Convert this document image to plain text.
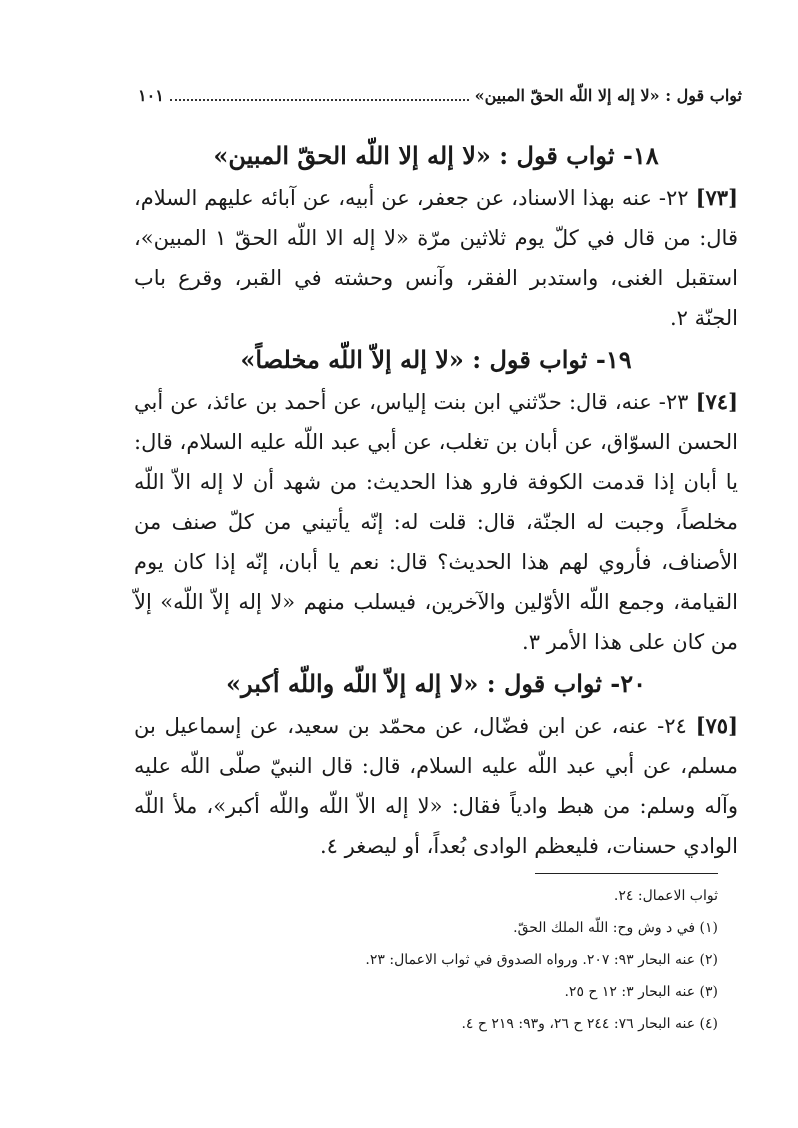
ثواب قول : «لا إله إلا اللّه الحقّ المبين»
١٠١
١٨- ثواب قول : «لا إله إلا اللّه الحقّ المبين»

[٧٣] ٢٢- عنه بهذا الاسناد، عن جعفر، عن أبيه، عن آبائه عليهم السلام، قال: من قال في كلّ يوم ثلاثين مرّة «لا إله الا اللّه الحقّ ١ المبين»، استقبل الغنى، واستدبر الفقر، وآنس وحشته في القبر، وقرع باب الجنّة ٢.

١٩- ثواب قول : «لا إله إلاّ اللّه مخلصاً»

[٧٤] ٢٣- عنه، قال: حدّثني ابن بنت إلياس، عن أحمد بن عائذ، عن أبي الحسن السوّاق، عن أبان بن تغلب، عن أبي عبد اللّه عليه السلام، قال: يا أبان إذا قدمت الكوفة فارو هذا الحديث: من شهد أن لا إله الاّ اللّه مخلصاً، وجبت له الجنّة، قال: قلت له: إنّه يأتيني من كلّ صنف من الأصناف، فأروي لهم هذا الحديث؟ قال: نعم يا أبان، إنّه إذا كان يوم القيامة، وجمع اللّه الأوّلين والآخرين، فيسلب منهم «لا إله إلاّ اللّه» إلاّ من كان على هذا الأمر ٣.

٢٠- ثواب قول : «لا إله إلاّ اللّه واللّه أكبر»

[٧٥] ٢٤- عنه، عن ابن فضّال، عن محمّد بن سعيد، عن إسماعيل بن مسلم، عن أبي عبد اللّه عليه السلام، قال: قال النبيّ صلّى اللّه عليه وآله وسلم: من هبط وادياً فقال: «لا إله الاّ اللّه واللّه أكبر»، ملأ اللّه الوادي حسنات، فليعظم الوادى بُعداً، أو ليصغر ٤.

ثواب الاعمال: ٢٤.

(١) في د وش وح: اللّه الملك الحقّ.

(٢) عنه البحار ٩٣: ٢٠٧. ورواه الصدوق في ثواب الاعمال: ٢٣.

(٣) عنه البحار ٣: ١٢ ح ٢٥.

(٤) عنه البحار ٧٦: ٢٤٤ ح ٢٦، و٩٣: ٢١٩ ح ٤.
